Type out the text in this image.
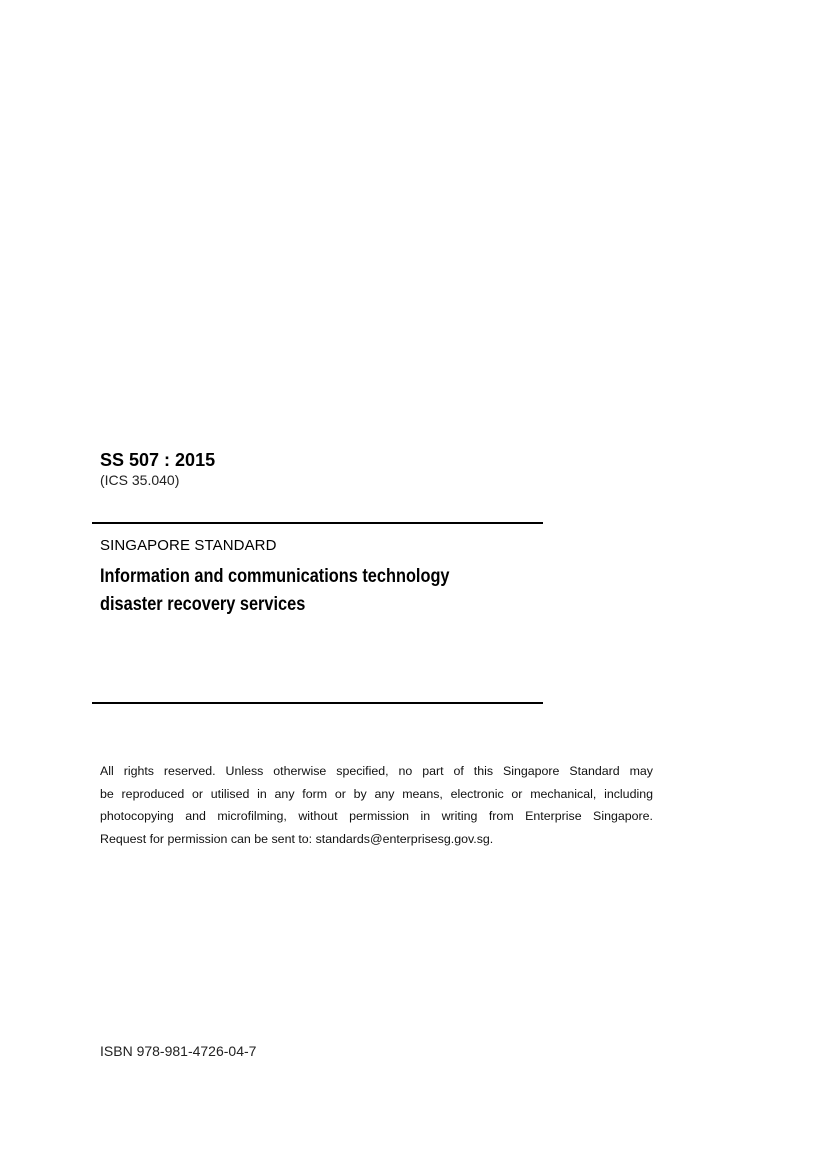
SS 507 : 2015

(ICS 35.040)

SINGAPORE STANDARD

Information and communications technology
disaster recovery services
All rights reserved. Unless otherwise specified, no part of this Singapore Standard may
be reproduced or utilised in any form or by any means, electronic or mechanical, including
photocopying and microfilming, without permission in writing from Enterprise Singapore.
Request for permission can be sent to: standards@enterprisesg.gov.sg.

ISBN 978-981-4726-04-7
